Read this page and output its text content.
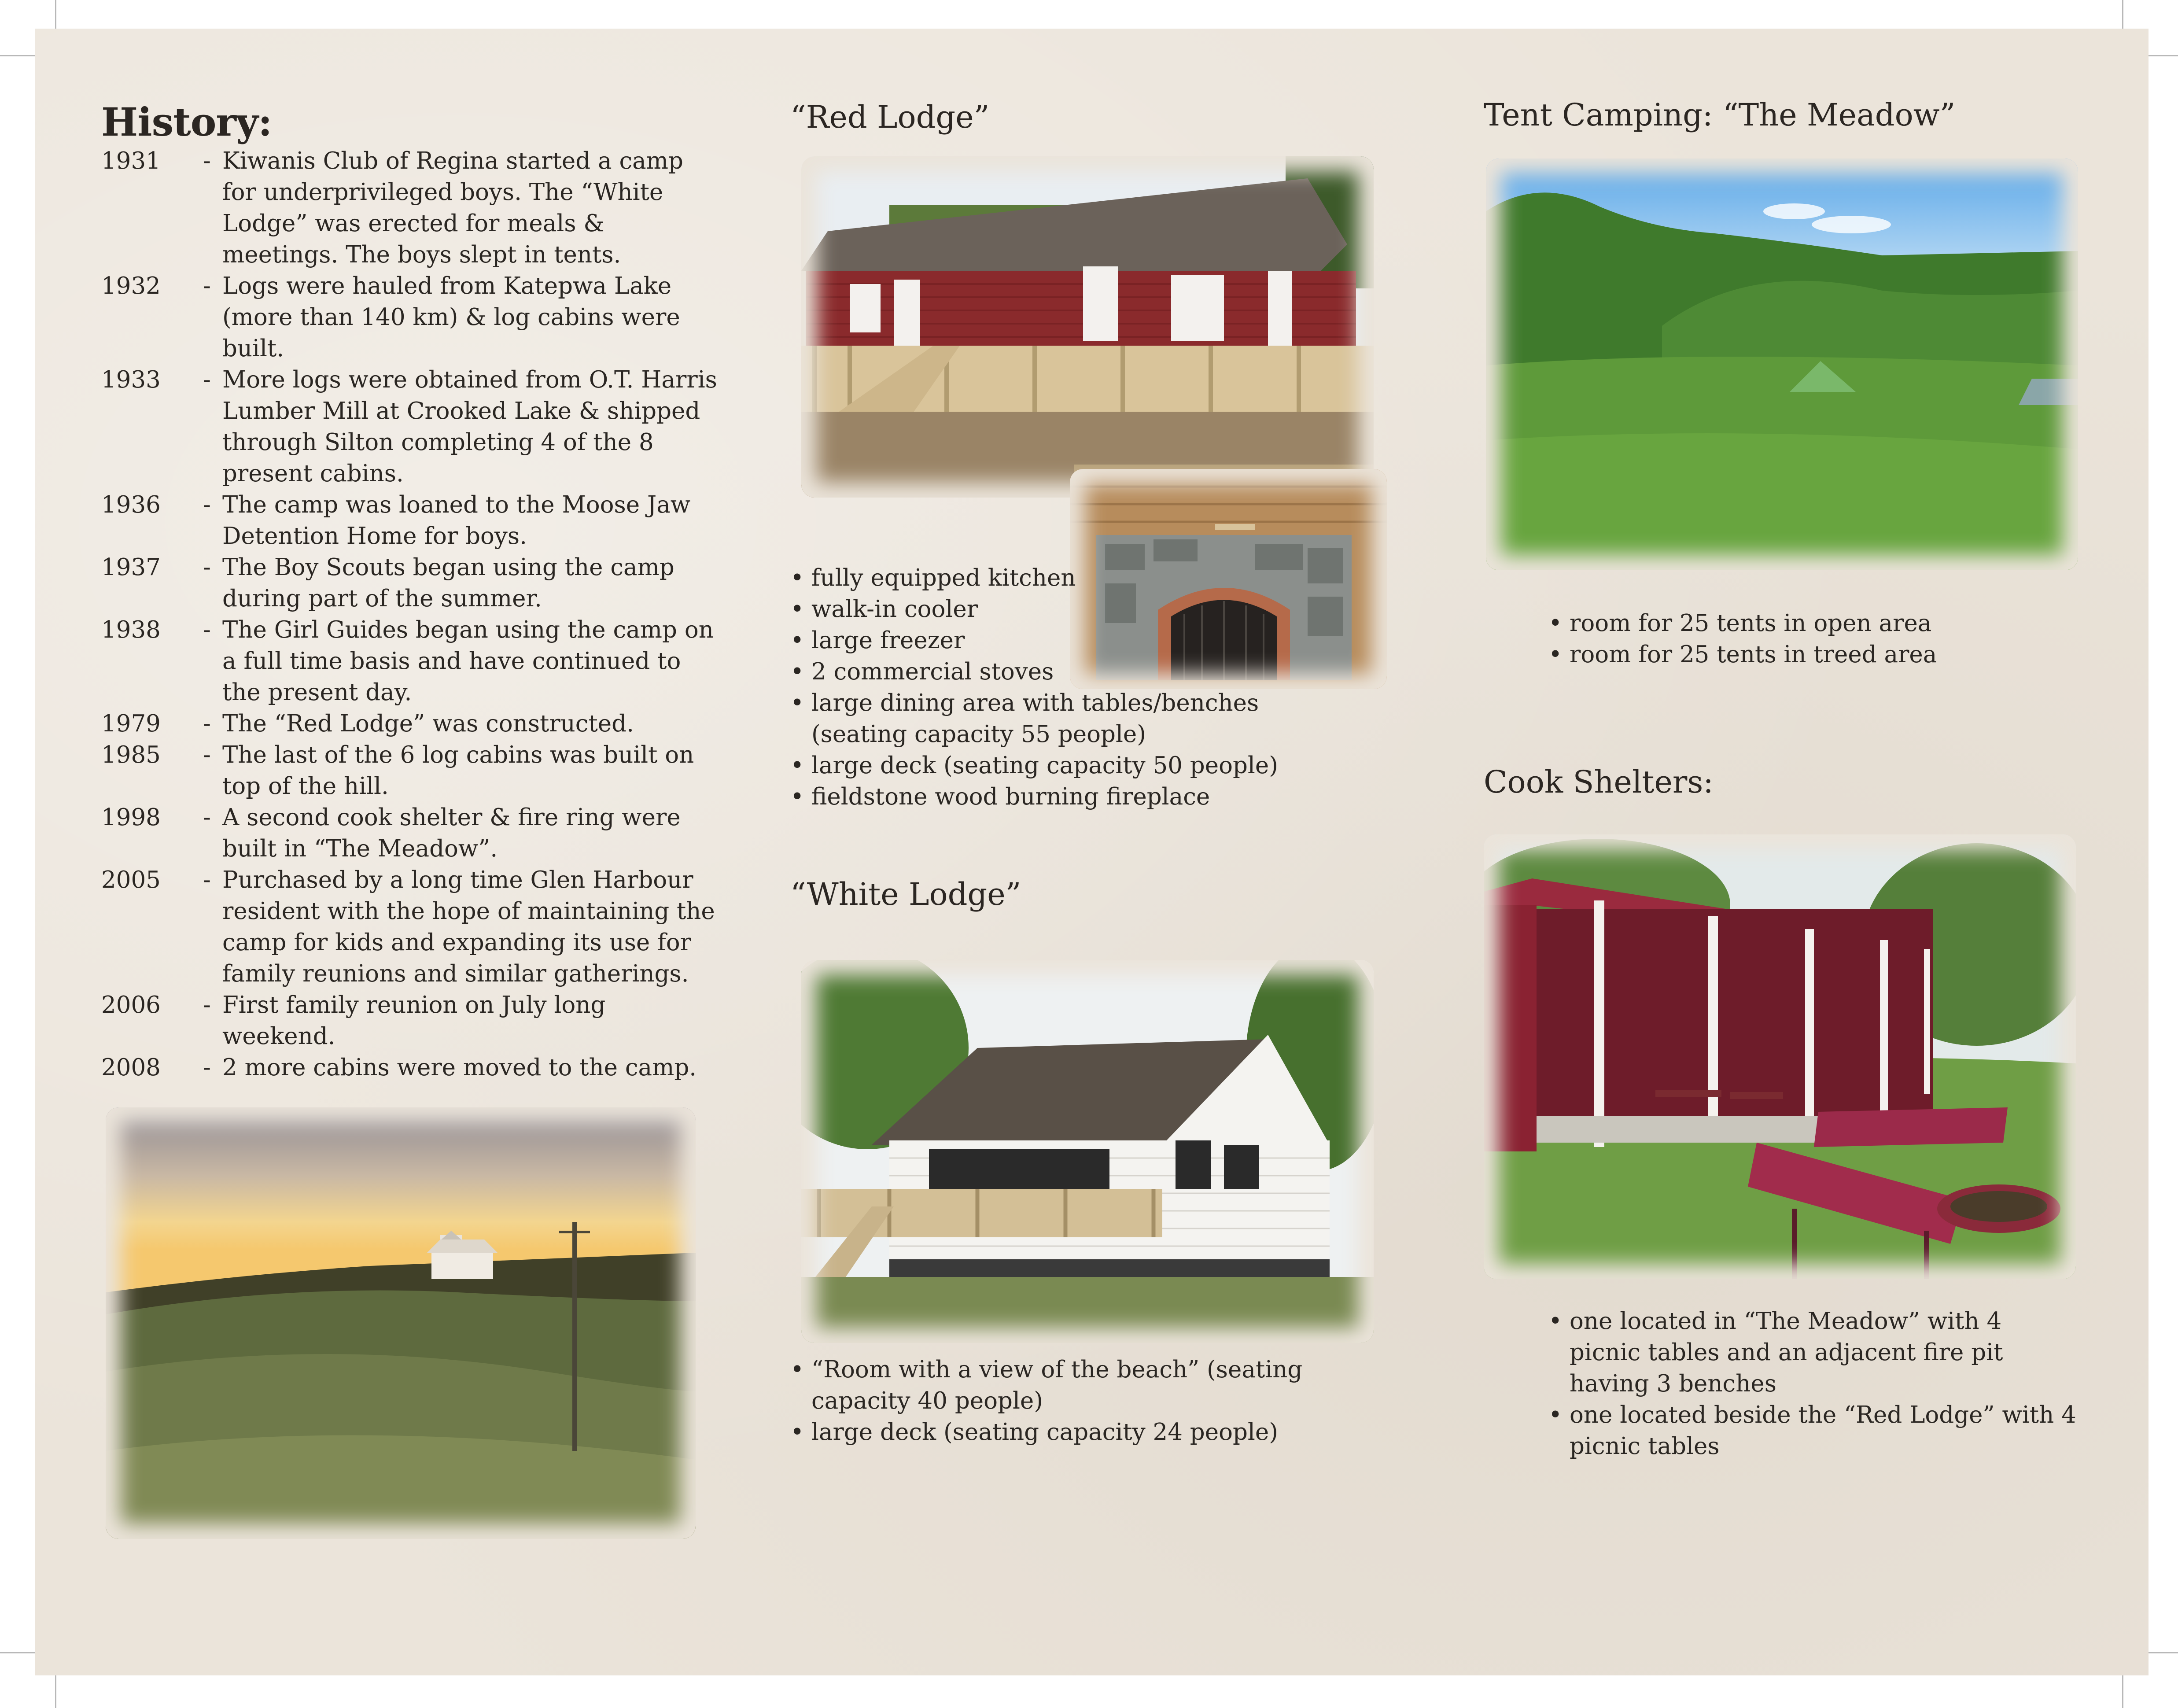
History:
1931	- Kiwanis Club of Regina started a camp for underprivileged boys. The “White Lodge” was erected for meals & meetings. The boys slept in tents.
1932	- Logs were hauled from Katepwa Lake (more than 140 km) & log cabins were built.
1933	- More logs were obtained from O.T. Harris Lumber Mill at Crooked Lake & shipped through Silton completing 4 of the 8 present cabins.
1936	- The camp was loaned to the Moose Jaw Detention Home for boys.
1937	- The Boy Scouts began using the camp during part of the summer.
1938	- The Girl Guides began using the camp on a full time basis and have continued to the present day.
1979	- The “Red Lodge” was constructed.
1985	- The last of the 6 log cabins was built on top of the hill.
1998	- A second cook shelter & fire ring were built in “The Meadow”.
2005	- Purchased by a long time Glen Harbour resident with the hope of maintaining the camp for kids and expanding its use for family reunions and similar gatherings.
2006	- First family reunion on July long weekend.
2008	- 2 more cabins were moved to the camp.
“Red Lodge”
• fully equipped kitchen
• walk-in cooler
• large freezer
• 2 commercial stoves
• large dining area with tables/benches (seating capacity 55 people)
• large deck (seating capacity 50 people)
• fieldstone wood burning fireplace
“White Lodge”
• “Room with a view of the beach” (seating capacity 40 people)
• large deck (seating capacity 24 people)
Tent Camping: “The Meadow”
• room for 25 tents in open area
• room for 25 tents in treed area
Cook Shelters:
• one located in “The Meadow” with 4 picnic tables and an adjacent fire pit having 3 benches
• one located beside the “Red Lodge” with 4 picnic tables
